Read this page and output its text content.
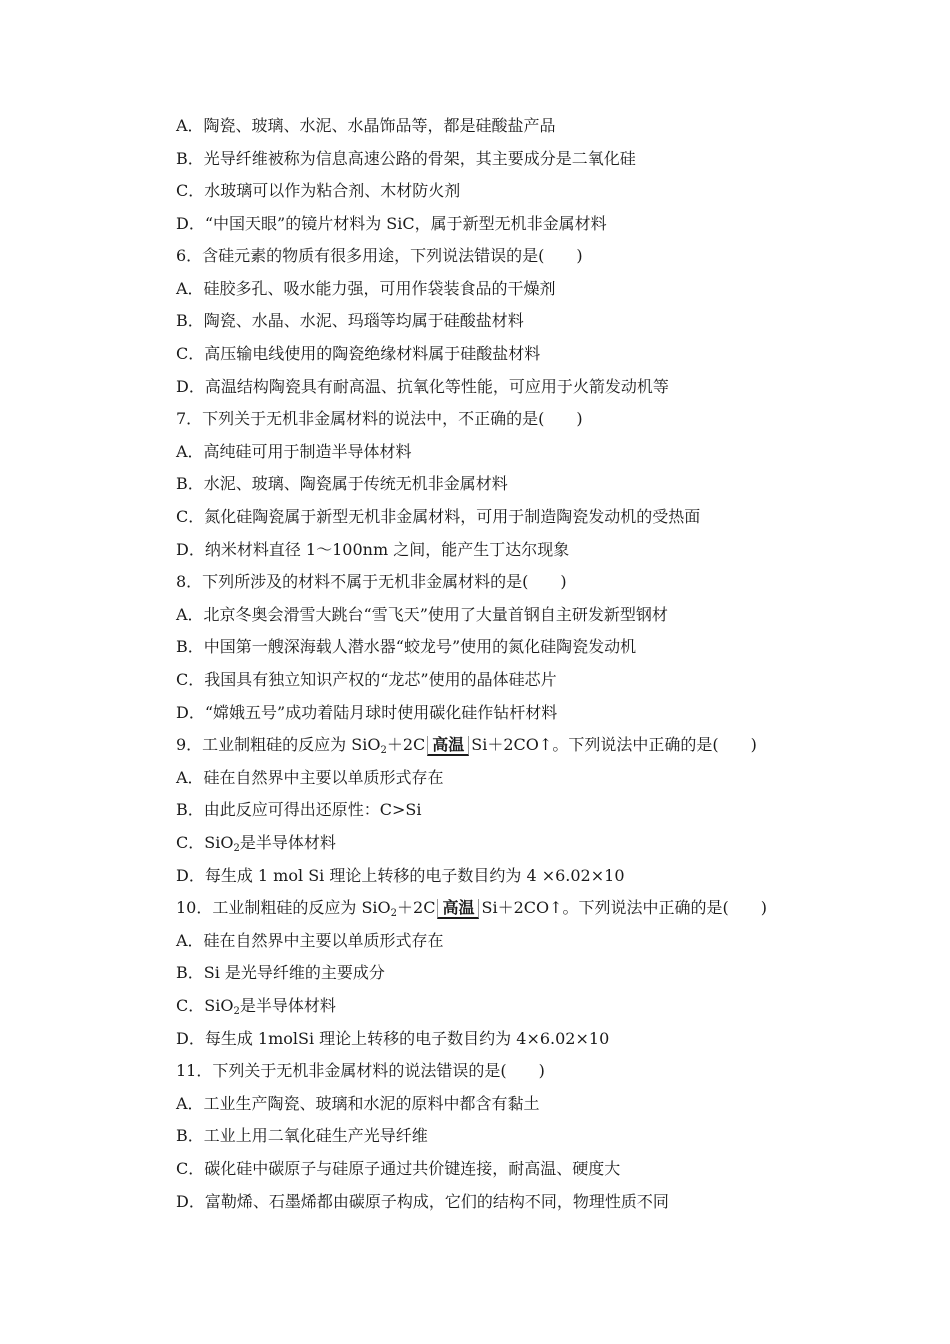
A．陶瓷、玻璃、水泥、水晶饰品等，都是硅酸盐产品
B．光导纤维被称为信息高速公路的骨架，其主要成分是二氧化硅
C．水玻璃可以作为粘合剂、木材防火剂
D．“中国天眼”的镜片材料为 SiC，属于新型无机非金属材料
6．含硅元素的物质有很多用途，下列说法错误的是(　　)
A．硅胶多孔、吸水能力强，可用作袋装食品的干燥剂
B．陶瓷、水晶、水泥、玛瑙等均属于硅酸盐材料
C．高压输电线使用的陶瓷绝缘材料属于硅酸盐材料
D．高温结构陶瓷具有耐高温、抗氧化等性能，可应用于火箭发动机等
7．下列关于无机非金属材料的说法中，不正确的是(　　)
A．高纯硅可用于制造半导体材料
B．水泥、玻璃、陶瓷属于传统无机非金属材料
C．氮化硅陶瓷属于新型无机非金属材料，可用于制造陶瓷发动机的受热面
D．纳米材料直径 1～100nm 之间，能产生丁达尔现象
8．下列所涉及的材料不属于无机非金属材料的是(　　)
A．北京冬奥会滑雪大跳台“雪飞天”使用了大量首钢自主研发新型钢材
B．中国第一艘深海载人潜水器“蛟龙号”使用的氮化硅陶瓷发动机
C．我国具有独立知识产权的“龙芯”使用的晶体硅芯片
D．“嫦娥五号”成功着陆月球时使用碳化硅作钻杆材料
9．工业制粗硅的反应为 SiO$_2$＋2C 高温 Si＋2CO↑。下列说法中正确的是(　　)
A．硅在自然界中主要以单质形式存在
B．由此反应可得出还原性：C>Si
C．SiO$_2$是半导体材料
D．每生成 1 mol Si 理论上转移的电子数目约为 4 ×6.02×10
10．工业制粗硅的反应为 SiO$_2$＋2C 高温 Si＋2CO↑。下列说法中正确的是(　　)
A．硅在自然界中主要以单质形式存在
B．Si 是光导纤维的主要成分
C．SiO$_2$是半导体材料
D．每生成 1molSi 理论上转移的电子数目约为 4×6.02×10
11．下列关于无机非金属材料的说法错误的是(　　)
A．工业生产陶瓷、玻璃和水泥的原料中都含有黏土
B．工业上用二氧化硅生产光导纤维
C．碳化硅中碳原子与硅原子通过共价键连接，耐高温、硬度大
D．富勒烯、石墨烯都由碳原子构成，它们的结构不同，物理性质不同
